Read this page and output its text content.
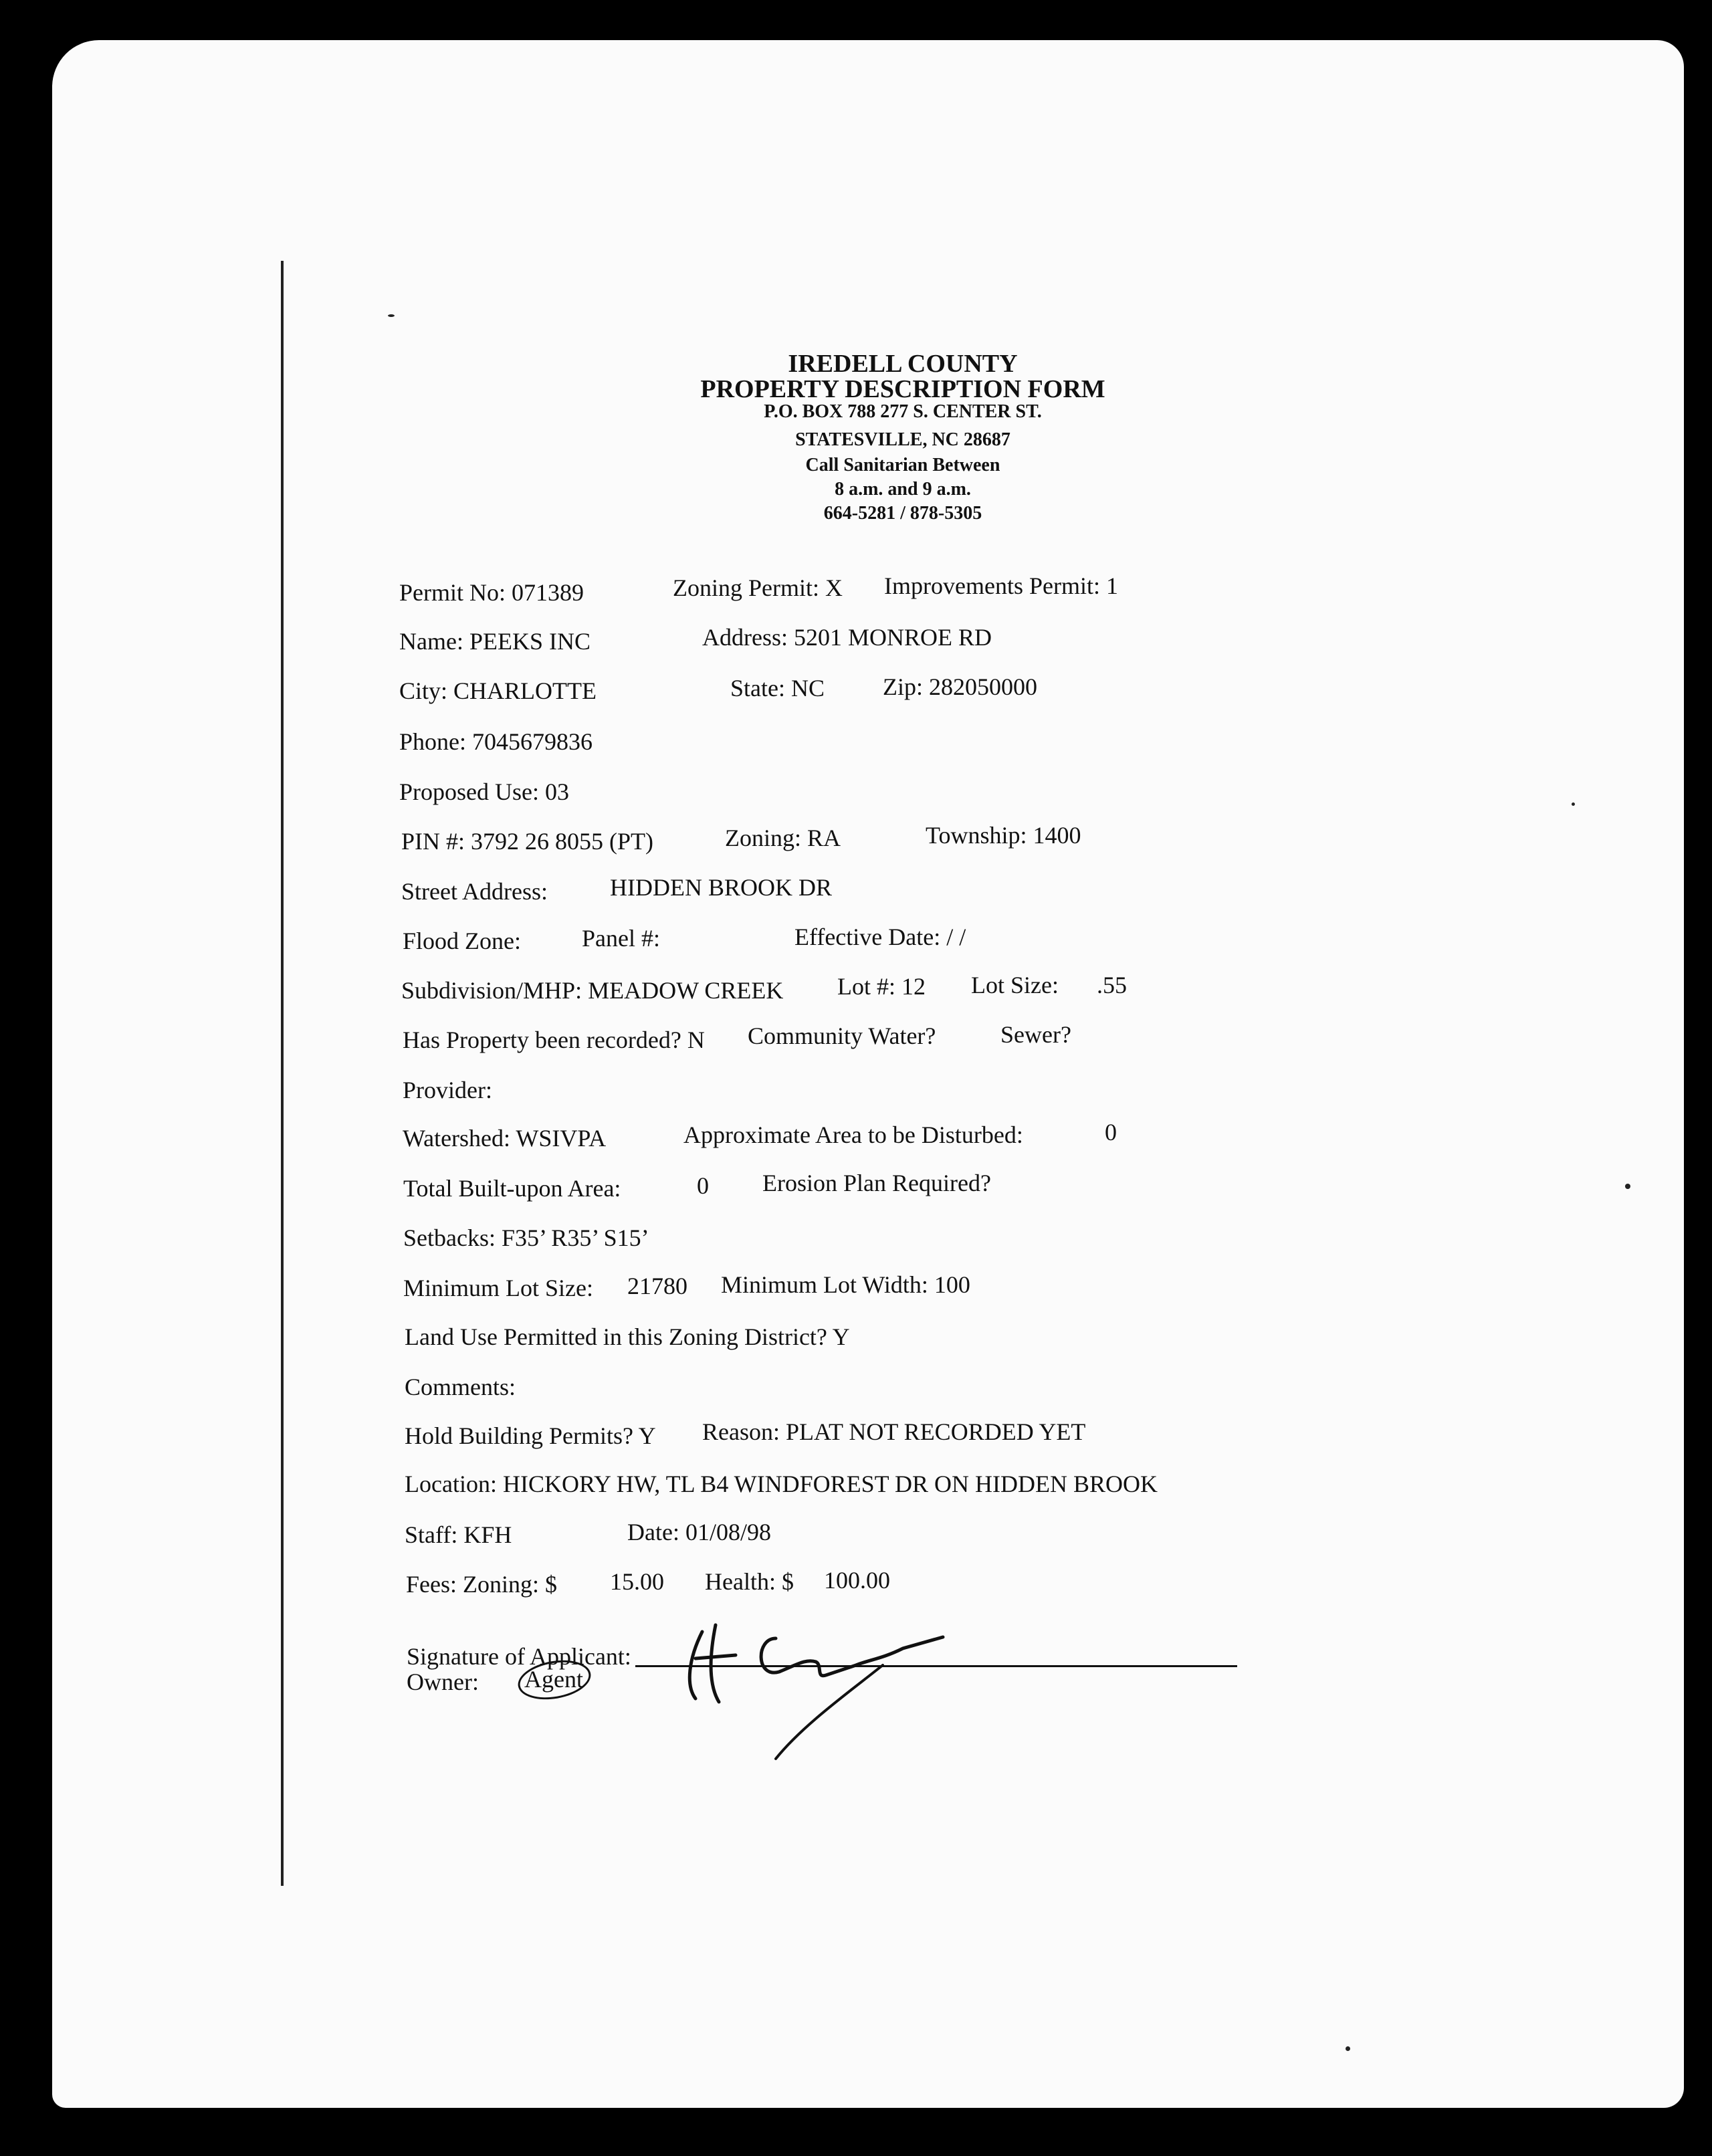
IREDELL COUNTY
PROPERTY DESCRIPTION FORM
P.O. BOX 788 277 S. CENTER ST.
STATESVILLE, NC 28687
Call Sanitarian Between
8 a.m. and 9 a.m.
664-5281 / 878-5305
Permit No: 071389	Zoning Permit: X Improvements Permit: 1
Name: PEEKS INC	Address: 5201 MONROE RD
City: CHARLOTTE	State: NC Zip: 282050000
Phone: 7045679836
Proposed Use: 03
PIN #: 3792 26 8055 (PT)	Zoning: RA	Township: 1400
Street Address:	HIDDEN BROOK DR
Flood Zone:	Panel #:	Effective Date: / /
Subdivision/MHP: MEADOW CREEK Lot #: 12 Lot Size: .55
Has Property been recorded? N Community Water?	Sewer?
Provider:
Watershed: WSIVPA	Approximate Area to be Disturbed:	0
Total Built-upon Area:	0 Erosion Plan Required?
Setbacks: F35’ R35’ S15’
Minimum Lot Size: 21780 Minimum Lot Width: 100
Land Use Permitted in this Zoning District? Y
Comments:
Hold Building Permits? Y Reason: PLAT NOT RECORDED YET
Location: HICKORY HW, TL B4 WINDFOREST DR ON HIDDEN BROOK
Staff: KFH	Date: 01/08/98
Fees: Zoning: $ 15.00 Health: $ 100.00
Signature of Applicant:
Owner: Agent
